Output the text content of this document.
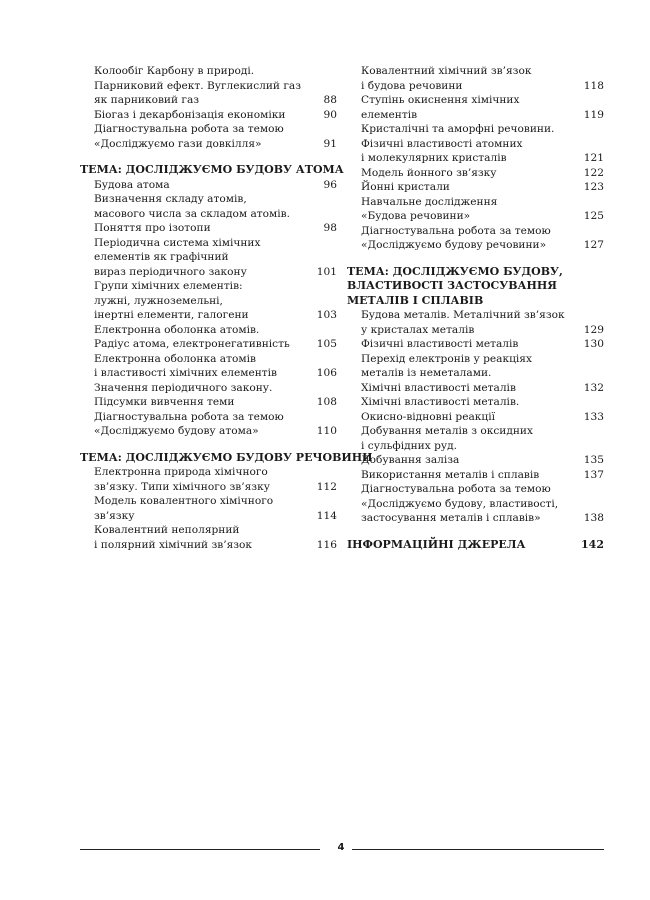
Колообіг Карбону в природі.
Парниковий ефект. Вуглекислий газ
як парниковий газ	88
Біогаз і декарбонізація економіки	90
Діагностувальна робота за темою
«Досліджуємо гази довкілля»	91
ТЕМА: ДОСЛІДЖУЄМО БУДОВУ АТОМА
Будова атома	96
Визначення складу атомів,
масового числа за складом атомів.
Поняття про ізотопи	98
Періодична система хімічних
елементів як графічний
вираз періодичного закону	101
Групи хімічних елементів:
лужні, лужноземельні,
інертні елементи, галогени	103
Електронна оболонка атомів.
Радіус атома, електронегативність	105
Електронна оболонка атомів
і властивості хімічних елементів	106
Значення періодичного закону.
Підсумки вивчення теми	108
Діагностувальна робота за темою
«Досліджуємо будову атома»	110
ТЕМА: ДОСЛІДЖУЄМО БУДОВУ РЕЧОВИНИ
Електронна природа хімічного
зв’язку. Типи хімічного зв’язку	112
Модель ковалентного хімічного
зв’язку	114
Ковалентний неполярний
і полярний хімічний зв’язок	116
Ковалентний хімічний зв’язок
і будова речовини	118
Ступінь окиснення хімічних
елементів	119
Кристалічні та аморфні речовини.
Фізичні властивості атомних
і молекулярних кристалів	121
Модель йонного зв’язку	122
Йонні кристали	123
Навчальне дослідження
«Будова речовини»	125
Діагностувальна робота за темою
«Досліджуємо будову речовини»	127
ТЕМА: ДОСЛІДЖУЄМО БУДОВУ,
ВЛАСТИВОСТІ ЗАСТОСУВАННЯ
МЕТАЛІВ І СПЛАВІВ
Будова металів. Металічний зв’язок
у кристалах металів	129
Фізичні властивості металів	130
Перехід електронів у реакціях
металів із неметалами.
Хімічні властивості металів	132
Хімічні властивості металів.
Окисно-відновні реакції	133
Добування металів з оксидних
і сульфідних руд.
Добування заліза	135
Використання металів і сплавів	137
Діагностувальна робота за темою
«Досліджуємо будову, властивості,
застосування металів і сплавів»	138
ІНФОРМАЦІЙНІ ДЖЕРЕЛА	142
4
